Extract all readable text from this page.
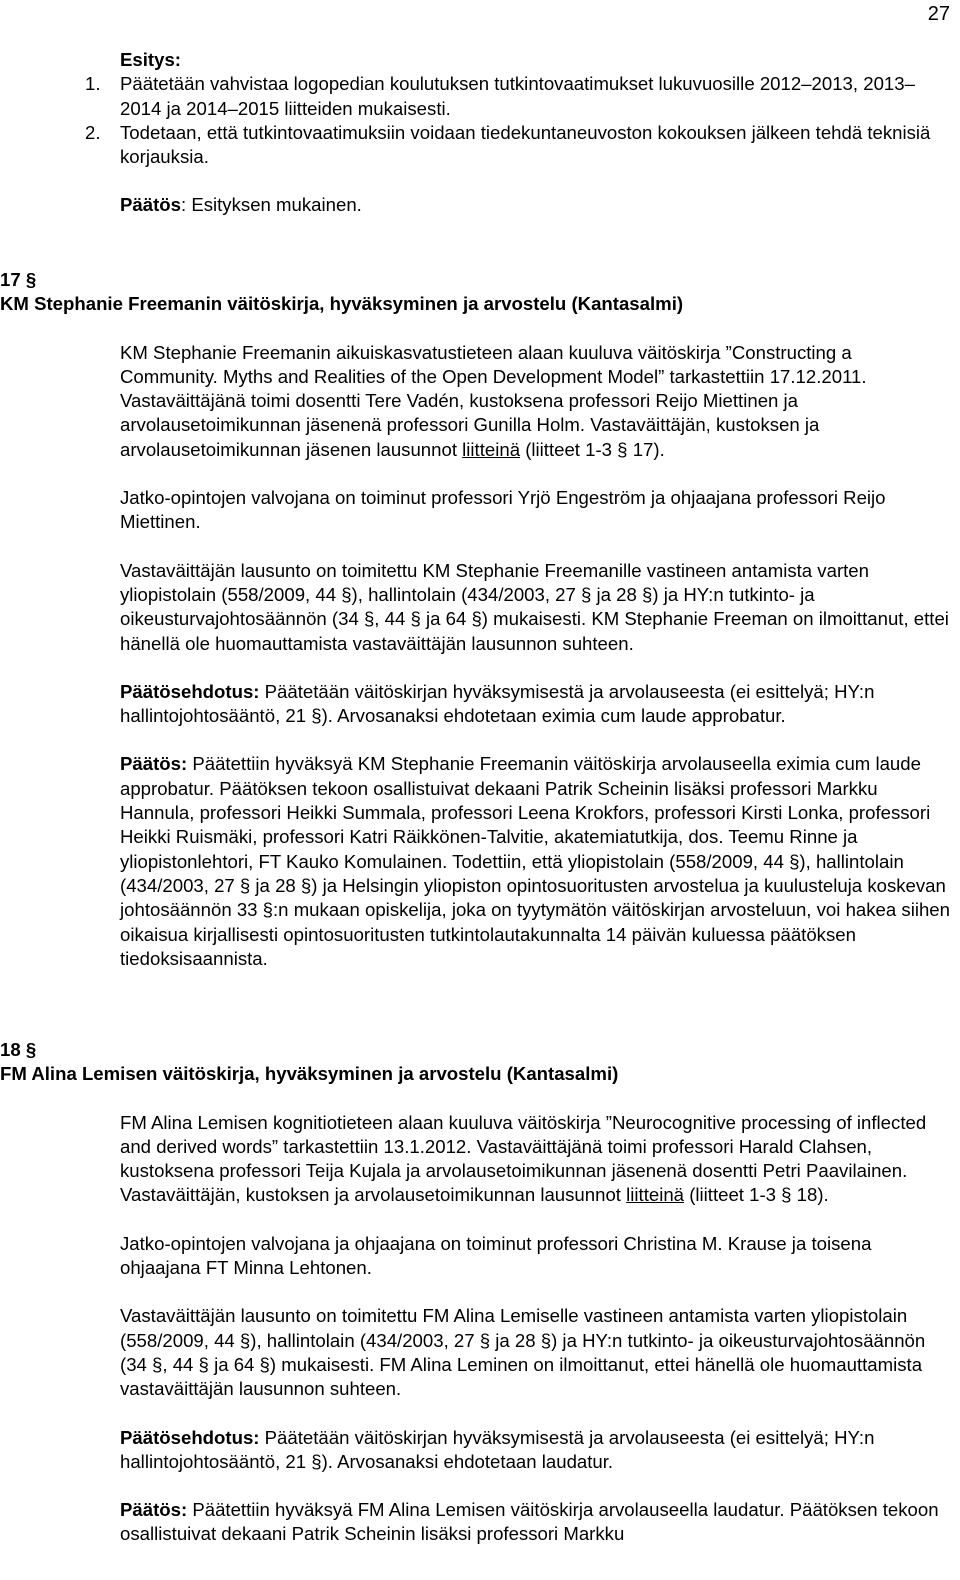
27

Esitys:

1. Päätetään vahvistaa logopedian koulutuksen tutkintovaatimukset lukuvuosille 2012–2013, 2013–2014 ja 2014–2015 liitteiden mukaisesti.
2. Todetaan, että tutkintovaatimuksiin voidaan tiedekuntaneuvoston kokouksen jälkeen tehdä teknisiä korjauksia.

Päätös: Esityksen mukainen.

17 §

KM Stephanie Freemanin väitöskirja, hyväksyminen ja arvostelu (Kantasalmi)

KM Stephanie Freemanin aikuiskasvatustieteen alaan kuuluva väitöskirja ”Constructing a Community. Myths and Realities of the Open Development Model” tarkastettiin 17.12.2011. Vastaväittäjänä toimi dosentti Tere Vadén, kustoksena professori Reijo Miettinen ja arvolausetoimikunnan jäsenenä professori Gunilla Holm. Vastaväittäjän, kustoksen ja arvolausetoimikunnan jäsenen lausunnot liitteinä (liitteet 1-3 § 17).

Jatko-opintojen valvojana on toiminut professori Yrjö Engeström ja ohjaajana professori Reijo Miettinen.

Vastaväittäjän lausunto on toimitettu KM Stephanie Freemanille vastineen antamista varten yliopistolain (558/2009, 44 §), hallintolain (434/2003, 27 § ja 28 §) ja HY:n tutkinto- ja oikeusturvajohtosäännön (34 §, 44 § ja 64 §) mukaisesti. KM Stephanie Freeman on ilmoittanut, ettei hänellä ole huomauttamista vastaväittäjän lausunnon suhteen.

Päätösehdotus: Päätetään väitöskirjan hyväksymisestä ja arvolauseesta (ei esittelyä; HY:n hallintojohtosääntö, 21 §). Arvosanaksi ehdotetaan eximia cum laude approbatur.

Päätös: Päätettiin hyväksyä KM Stephanie Freemanin väitöskirja arvolauseella eximia cum laude approbatur. Päätöksen tekoon osallistuivat dekaani Patrik Scheinin lisäksi professori Markku Hannula, professori Heikki Summala, professori Leena Krokfors, professori Kirsti Lonka, professori Heikki Ruismäki, professori Katri Räikkönen-Talvitie, akatemiatutkija, dos. Teemu Rinne ja yliopistonlehtori, FT Kauko Komulainen. Todettiin, että yliopistolain (558/2009, 44 §), hallintolain (434/2003, 27 § ja 28 §) ja Helsingin yliopiston opintosuoritusten arvostelua ja kuulusteluja koskevan johtosäännön 33 §:n mukaan opiskelija, joka on tyytymätön väitöskirjan arvosteluun, voi hakea siihen oikaisua kirjallisesti opintosuoritusten tutkintolautakunnalta 14 päivän kuluessa päätöksen tiedoksisaannista.

18 §

FM Alina Lemisen väitöskirja, hyväksyminen ja arvostelu (Kantasalmi)

FM Alina Lemisen kognitiotieteen alaan kuuluva väitöskirja ”Neurocognitive processing of inflected and derived words” tarkastettiin 13.1.2012. Vastaväittäjänä toimi professori Harald Clahsen, kustoksena professori Teija Kujala ja arvolausetoimikunnan jäsenenä dosentti Petri Paavilainen. Vastaväittäjän, kustoksen ja arvolausetoimikunnan lausunnot liitteinä (liitteet 1-3 § 18).

Jatko-opintojen valvojana ja ohjaajana on toiminut professori Christina M. Krause ja toisena ohjaajana FT Minna Lehtonen.

Vastaväittäjän lausunto on toimitettu FM Alina Lemiselle vastineen antamista varten yliopistolain (558/2009, 44 §), hallintolain (434/2003, 27 § ja 28 §) ja HY:n tutkinto- ja oikeusturvajohtosäännön (34 §, 44 § ja 64 §) mukaisesti. FM Alina Leminen on ilmoittanut, ettei hänellä ole huomauttamista vastaväittäjän lausunnon suhteen.

Päätösehdotus: Päätetään väitöskirjan hyväksymisestä ja arvolauseesta (ei esittelyä; HY:n hallintojohtosääntö, 21 §). Arvosanaksi ehdotetaan laudatur.

Päätös: Päätettiin hyväksyä FM Alina Lemisen väitöskirja arvolauseella laudatur. Päätöksen tekoon osallistuivat dekaani Patrik Scheinin lisäksi professori Markku
